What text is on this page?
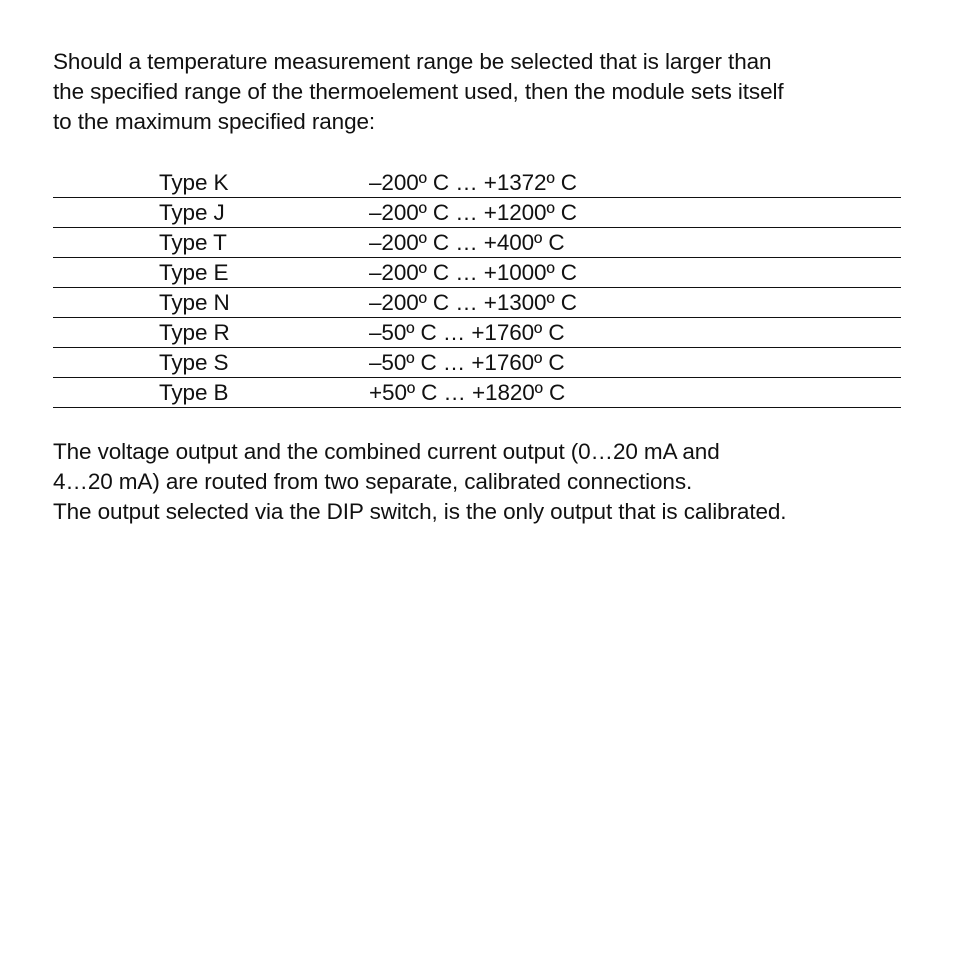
Should a temperature measurement range be selected that is larger than
the specified range of the thermoelement used, then the module sets itself
to the maximum specified range:

Type K	–200º C … +1372º C
Type J	–200º C … +1200º C
Type T	–200º C … +400º C
Type E	–200º C … +1000º C
Type N	–200º C … +1300º C
Type R	–50º C … +1760º C
Type S	–50º C … +1760º C
Type B	+50º C … +1820º C

The voltage output and the combined current output (0…20 mA and
4…20 mA) are routed from two separate, calibrated connections.
The output selected via the DIP switch, is the only output that is calibrated.
